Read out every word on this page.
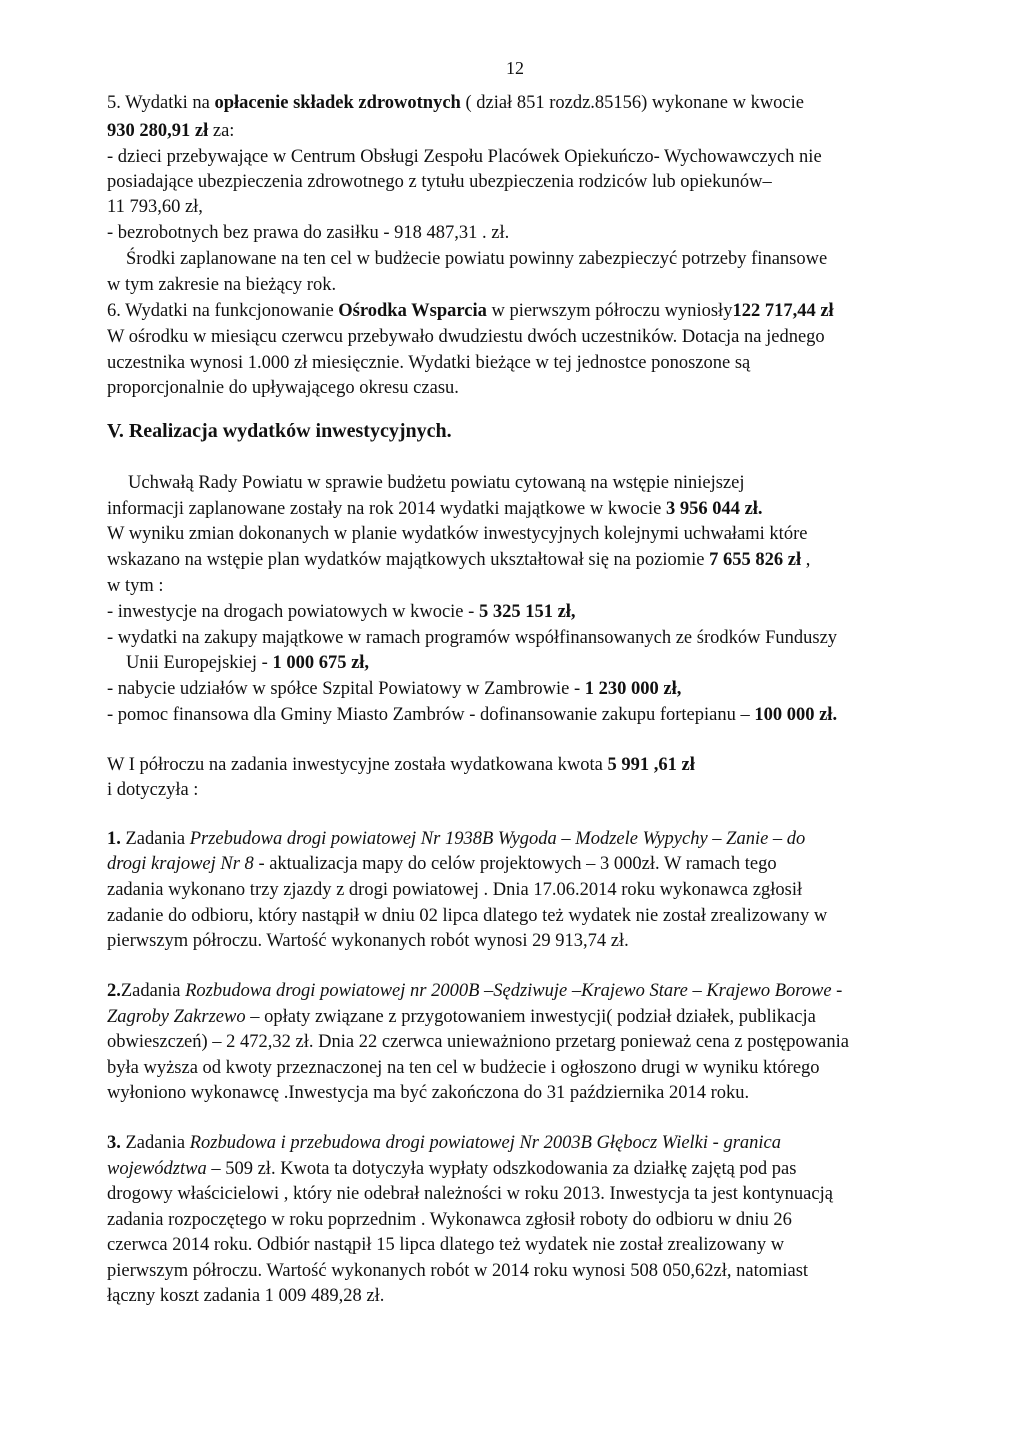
12
5. Wydatki na opłacenie składek zdrowotnych ( dział 851 rozdz.85156) wykonane w kwocie
930 280,91 zł za:
- dzieci przebywające w Centrum Obsługi Zespołu Placówek Opiekuńczo- Wychowawczych nie
posiadające ubezpieczenia zdrowotnego z tytułu ubezpieczenia rodziców lub opiekunów–
11 793,60 zł,
- bezrobotnych bez prawa do zasiłku - 918 487,31 . zł.
Środki zaplanowane na ten cel w budżecie powiatu powinny zabezpieczyć potrzeby finansowe
w tym zakresie na bieżący rok.
6. Wydatki na funkcjonowanie Ośrodka Wsparcia w pierwszym półroczu wyniosły122 717,44 zł
W ośrodku w miesiącu czerwcu przebywało dwudziestu dwóch uczestników. Dotacja na jednego
uczestnika wynosi 1.000 zł miesięcznie. Wydatki bieżące w tej jednostce ponoszone są
proporcjonalnie do upływającego okresu czasu.
V. Realizacja wydatków inwestycyjnych.
Uchwałą Rady Powiatu w sprawie budżetu powiatu cytowaną na wstępie niniejszej
informacji zaplanowane zostały na rok 2014 wydatki majątkowe w kwocie 3 956 044 zł.
W wyniku zmian dokonanych w planie wydatków inwestycyjnych kolejnymi uchwałami które
wskazano na wstępie plan wydatków majątkowych ukształtował się na poziomie 7 655 826 zł ,
w tym :
- inwestycje na drogach powiatowych w kwocie - 5 325 151 zł,
- wydatki na zakupy majątkowe w ramach programów współfinansowanych ze środków Funduszy
Unii Europejskiej - 1 000 675 zł,
- nabycie udziałów w spółce Szpital Powiatowy w Zambrowie - 1 230 000 zł,
- pomoc finansowa dla Gminy Miasto Zambrów - dofinansowanie zakupu fortepianu – 100 000 zł.
W I półroczu na zadania inwestycyjne została wydatkowana kwota 5 991 ,61 zł
i dotyczyła :
1. Zadania Przebudowa drogi powiatowej Nr 1938B Wygoda – Modzele Wypychy – Zanie – do
drogi krajowej Nr 8 - aktualizacja mapy do celów projektowych – 3 000zł. W ramach tego
zadania wykonano trzy zjazdy z drogi powiatowej . Dnia 17.06.2014 roku wykonawca zgłosił
zadanie do odbioru, który nastąpił w dniu 02 lipca dlatego też wydatek nie został zrealizowany w
pierwszym półroczu. Wartość wykonanych robót wynosi 29 913,74 zł.
2.Zadania Rozbudowa drogi powiatowej nr 2000B –Sędziwuje –Krajewo Stare – Krajewo Borowe -
Zagroby Zakrzewo – opłaty związane z przygotowaniem inwestycji( podział działek, publikacja
obwieszczeń) – 2 472,32 zł. Dnia 22 czerwca unieważniono przetarg ponieważ cena z postępowania
była wyższa od kwoty przeznaczonej na ten cel w budżecie i ogłoszono drugi w wyniku którego
wyłoniono wykonawcę .Inwestycja ma być zakończona do 31 października 2014 roku.
3. Zadania Rozbudowa i przebudowa drogi powiatowej Nr 2003B Głębocz Wielki - granica
województwa – 509 zł. Kwota ta dotyczyła wypłaty odszkodowania za działkę zajętą pod pas
drogowy właścicielowi , który nie odebrał należności w roku 2013. Inwestycja ta jest kontynuacją
zadania rozpoczętego w roku poprzednim . Wykonawca zgłosił roboty do odbioru w dniu 26
czerwca 2014 roku. Odbiór nastąpił 15 lipca dlatego też wydatek nie został zrealizowany w
pierwszym półroczu. Wartość wykonanych robót w 2014 roku wynosi 508 050,62zł, natomiast
łączny koszt zadania 1 009 489,28 zł.
